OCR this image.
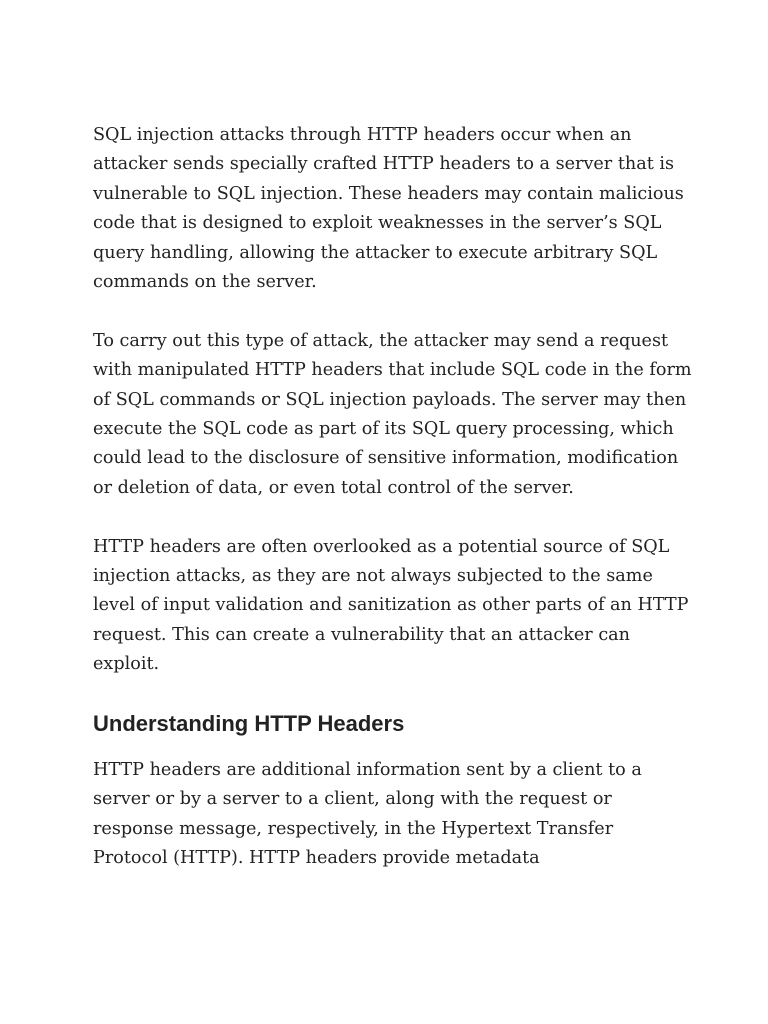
SQL injection attacks through HTTP headers occur when an attacker sends specially crafted HTTP headers to a server that is vulnerable to SQL injection. These headers may contain malicious code that is designed to exploit weaknesses in the server’s SQL query handling, allowing the attacker to execute arbitrary SQL commands on the server.

To carry out this type of attack, the attacker may send a request with manipulated HTTP headers that include SQL code in the form of SQL commands or SQL injection payloads. The server may then execute the SQL code as part of its SQL query processing, which could lead to the disclosure of sensitive information, modification or deletion of data, or even total control of the server.

HTTP headers are often overlooked as a potential source of SQL injection attacks, as they are not always subjected to the same level of input validation and sanitization as other parts of an HTTP request. This can create a vulnerability that an attacker can exploit.

Understanding HTTP Headers

HTTP headers are additional information sent by a client to a server or by a server to a client, along with the request or response message, respectively, in the Hypertext Transfer Protocol (HTTP). HTTP headers provide metadata
